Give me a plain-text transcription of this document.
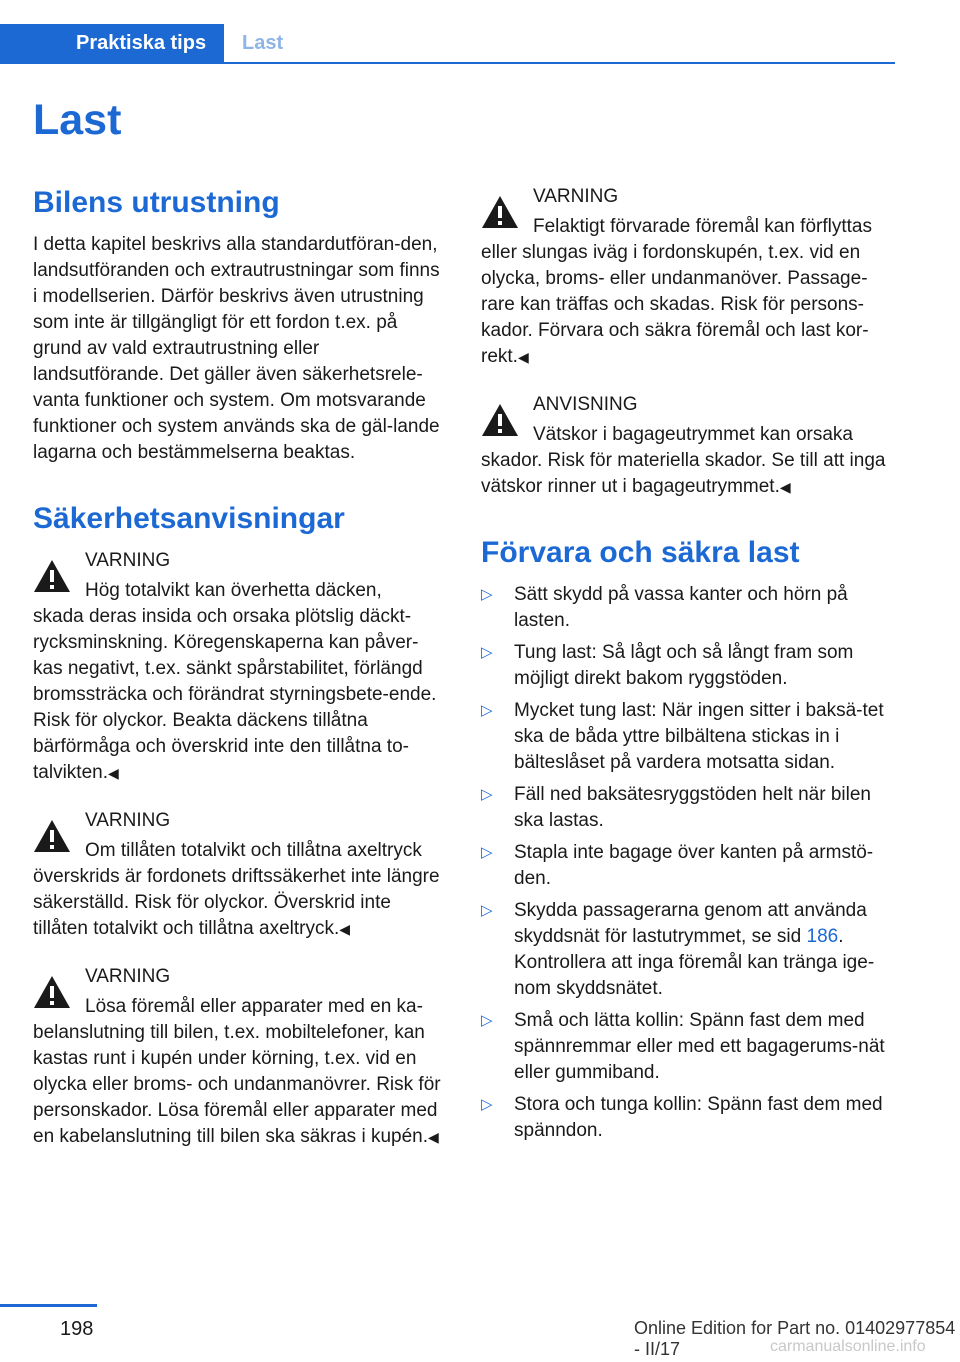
Praktiska tips	Last
Last
Bilens utrustning

I detta kapitel beskrivs alla standardutföran-den, landsutföranden och extrautrustningar som finns i modellserien. Därför beskrivs även utrustning som inte är tillgängligt för ett fordon t.ex. på grund av vald extrautrustning eller landsutförande. Det gäller även säkerhetsrele-vanta funktioner och system. Om motsvarande funktioner och system används ska de gäl-lande lagarna och bestämmelserna beaktas.

Säkerhetsanvisningar
VARNING
Hög totalvikt kan överhetta däcken,
skada deras insida och orsaka plötslig däckt-rycksminskning. Köregenskaperna kan påver-kas negativt, t.ex. sänkt spårstabilitet, förlängd bromssträcka och förändrat styrningsbete-ende. Risk för olyckor. Beakta däckens tillåtna bärförmåga och överskrid inte den tillåtna to-talvikten.◀
VARNING
Om tillåten totalvikt och tillåtna axeltryck
överskrids är fordonets driftssäkerhet inte längre säkerställd. Risk för olyckor. Överskrid inte tillåten totalvikt och tillåtna axeltryck.◀
VARNING
Lösa föremål eller apparater med en ka-
belanslutning till bilen, t.ex. mobiltelefoner, kan kastas runt i kupén under körning, t.ex. vid en olycka eller broms- och undanmanövrer. Risk för personskador. Lösa föremål eller apparater med en kabelanslutning till bilen ska säkras i kupén.◀
VARNING
Felaktigt förvarade föremål kan förflyttas
eller slungas iväg i fordonskupén, t.ex. vid en olycka, broms- eller undanmanöver. Passage-rare kan träffas och skadas. Risk för persons-kador. Förvara och säkra föremål och last kor-rekt.◀
ANVISNING
Vätskor i bagageutrymmet kan orsaka
skador. Risk för materiella skador. Se till att inga vätskor rinner ut i bagageutrymmet.◀
Förvara och säkra last
▷ Sätt skydd på vassa kanter och hörn på lasten.
▷ Tung last: Så lågt och så långt fram som möjligt direkt bakom ryggstöden.
▷ Mycket tung last: När ingen sitter i baksä-tet ska de båda yttre bilbältena stickas in i bälteslåset på vardera motsatta sidan.
▷ Fäll ned baksätesryggstöden helt när bilen ska lastas.
▷ Stapla inte bagage över kanten på armstö-den.
▷ Skydda passagerarna genom att använda skyddsnät för lastutrymmet, se sid 186. Kontrollera att inga föremål kan tränga ige-nom skyddsnätet.
▷ Små och lätta kollin: Spänn fast dem med spännremmar eller med ett bagagerums-nät eller gummiband.
▷ Stora och tunga kollin: Spänn fast dem med spänndon.
198	Online Edition for Part no. 01402977854 - II/17	carmanualsonline.info
